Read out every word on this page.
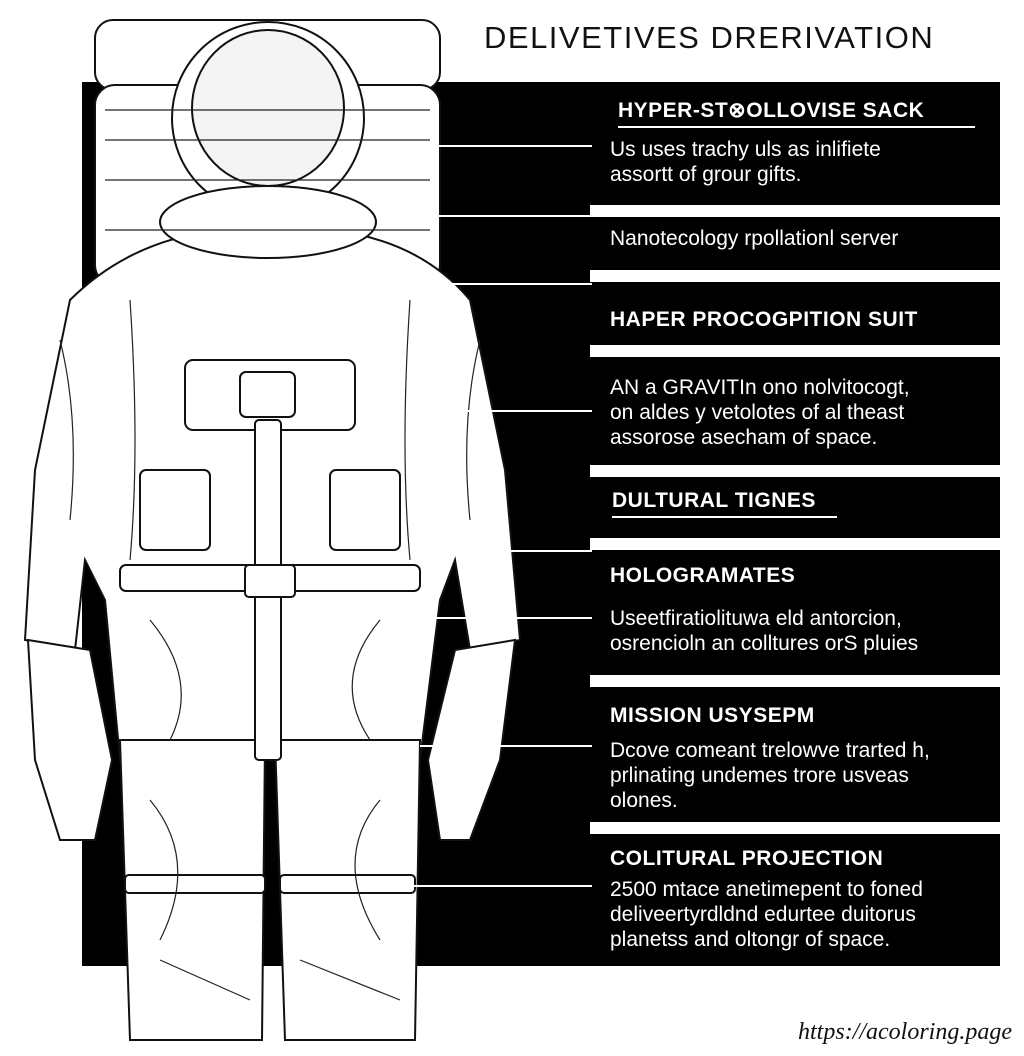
DELIVETIVES DRERIVATION
HYPER-ST⊗OLLOVISE SACK
Us uses trachy uls as inlifiete
assortt of grour gifts.
Nanotecology rpollationl server
HAPER PROCOGPITION SUIT
AN a GRAVITIn ono nolvitocogt,
on aldes y vetolotes of al theast
assorose asecham of space.
DULTURAL TIGNES
HOLOGRAMATES
Useetfiratiolituwa eld antorcion,
osrencioln an colltures orS pluies
MISSION USYSEPM
Dcove comeant trelowve trarted h,
prlinating undemes trore usveas
olones.
COLITURAL PROJECTION
2500 mtace anetimepent to foned
deliveertyrdldnd edurtee duitorus
planetss and oltongr of space.
https://acoloring.page
